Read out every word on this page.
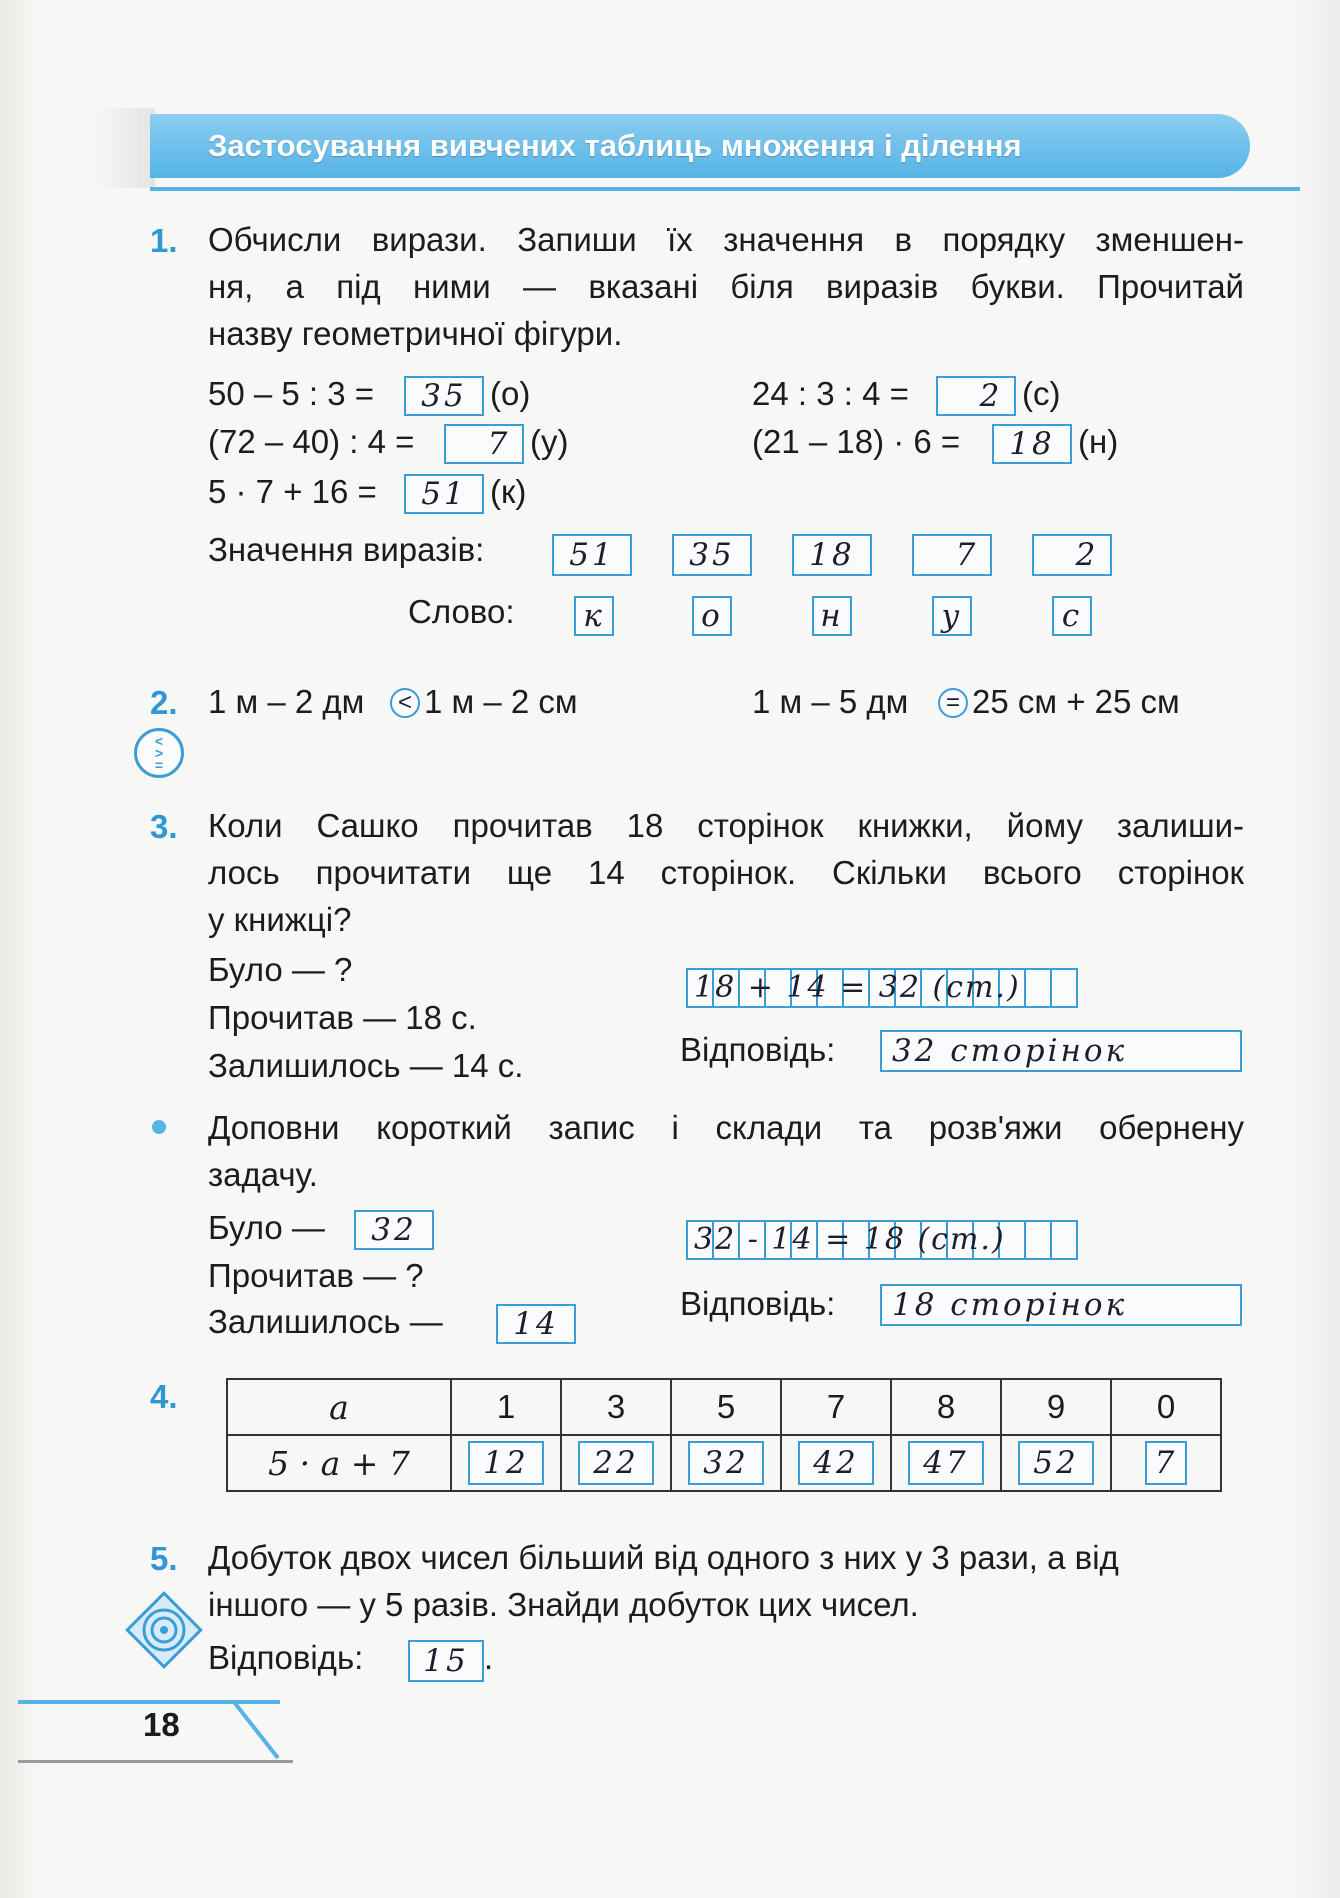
Застосування вивчених таблиць множення і ділення
1. Обчисли вирази. Запиши їх значення в порядку зменшен-
ня, а під ними — вказані біля виразів букви. Прочитай
назву геометричної фігури.
50 – 5 : 3 = 35 (о)
(72 – 40) : 4 =	7 (у)
5 · 7 + 16 = 51 (к)
24 : 3 : 4 =	2 (с)
(21 – 18) · 6 = 18 (н)
Значення виразів:	51 35 18	7	2
Слово: к	о	н	у	с
2. 1 м – 2 дм	< 1 м – 2 см	1 м – 5 дм	= 25 см + 25 см
<
>
=
3. Коли Сашко прочитав 18 сторінок книжки, йому залиши-
лось прочитати ще 14 сторінок. Скільки всього сторінок
у книжці?
Було — ?
Прочитав — 18 с.
Залишилось — 14 с.
18 + 14 = 32 (ст.)
Відповідь: 32 сторінок
Доповни короткий запис і склади та розв'яжи обернену
задачу.
Було — 32
Прочитав — ?
Залишилось — 14
32 - 14 = 18 (ст.)
Відповідь: 18 сторінок
4.	a	1	3	5	7	8	9	0
5 · a + 7	12	22	32	42	47	52	7
5. Добуток двох чисел більший від одного з них у 3 рази, а від
іншого — у 5 разів. Знайди добуток цих чисел.
Відповідь: 15 .
18
